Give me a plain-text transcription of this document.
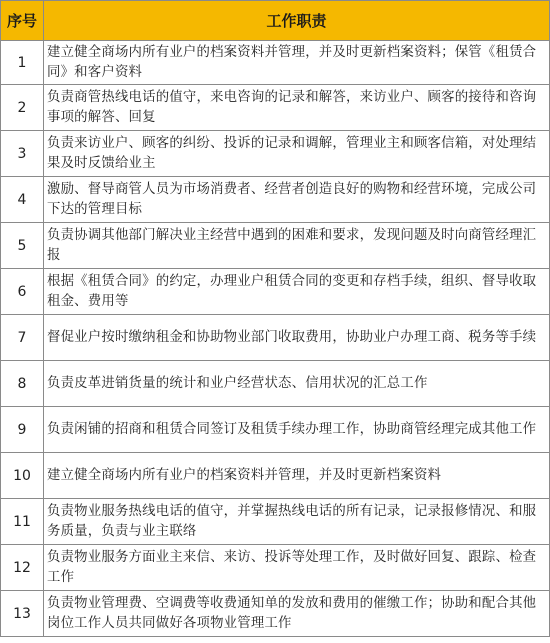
序号	工作职责
1	建立健全商场内所有业户的档案资料并管理，并及时更新档案资料；保管《租赁合同》和客户资料
2	负责商管热线电话的值守，来电咨询的记录和解答，来访业户、顾客的接待和咨询事项的解答、回复
3	负责来访业户、顾客的纠纷、投诉的记录和调解，管理业主和顾客信箱，对处理结果及时反馈给业主
4	激励、督导商管人员为市场消费者、经营者创造良好的购物和经营环境，完成公司下达的管理目标
5	负责协调其他部门解决业主经营中遇到的困难和要求，发现问题及时向商管经理汇报
6	根据《租赁合同》的约定，办理业户租赁合同的变更和存档手续，组织、督导收取租金、费用等
7	督促业户按时缴纳租金和协助物业部门收取费用，协助业户办理工商、税务等手续
8	负责皮革进销货量的统计和业户经营状态、信用状况的汇总工作
9	负责闲铺的招商和租赁合同签订及租赁手续办理工作，协助商管经理完成其他工作
10	建立健全商场内所有业户的档案资料并管理，并及时更新档案资料
11	负责物业服务热线电话的值守，并掌握热线电话的所有记录，记录报修情况、和服务质量，负责与业主联络
12	负责物业服务方面业主来信、来访、投诉等处理工作，及时做好回复、跟踪、检查工作
13	负责物业管理费、空调费等收费通知单的发放和费用的催缴工作；协助和配合其他岗位工作人员共同做好各项物业管理工作
